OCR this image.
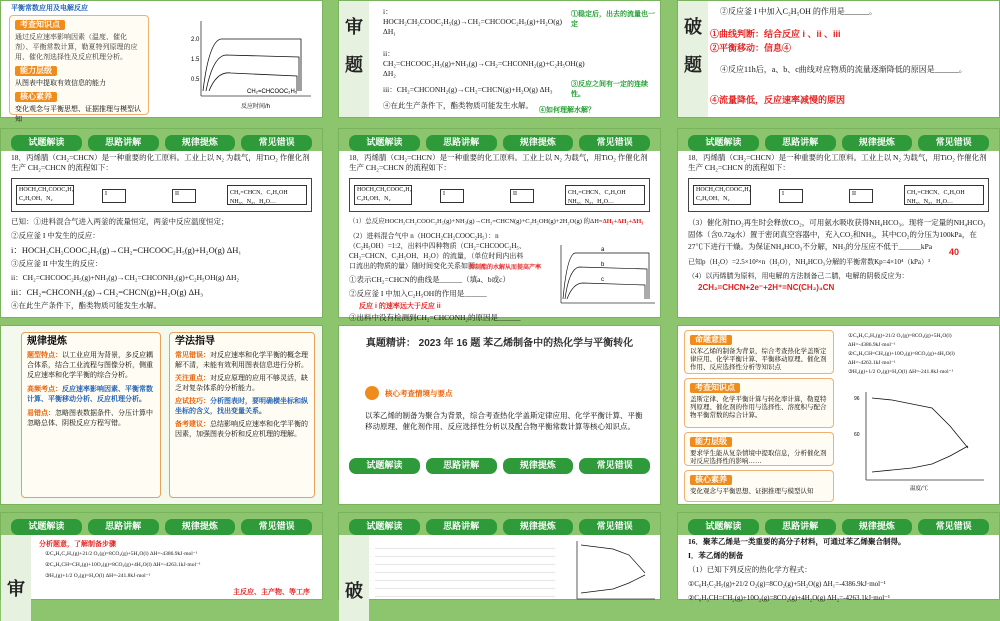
平衡常数应用及电解反应
考查知识点
通过反应速率影响因素（温度、催化剂）、平衡常数计算，勒夏特列原理的应用、催化剂选择性及反应机理分析。
能力层级
从图表中提取有效信息的能力
核心素养
变化观念与平衡思想、证据推理与模型认知
CH₂=CHCOOC₂H₅
2.0
1.5
0.5
反应时间/h
审
题
i：HOCH₂CH₂COOC₂H₅(g)→CH₂=CHCOOC₂H₅(g)+H₂O(g) ΔH₁
ii：CH₂=CHCOOC₂H₅(g)+NH₃(g)→CH₂=CHCONH₂(g)+C₂H₅OH(g) ΔH₂
iii：CH₂=CHCONH₂(g)→CH₂=CHCN(g)+H₂O(g) ΔH₃
④在此生产条件下，酯类物质可能发生水解。
①稳定后，出去的流量也一定
③反应之间有一定的连续性。
④如何理解水解？
破
题
②反应釜 I 中加入C₂H₅OH 的作用是______。
①曲线判断：结合反应 i 、ii 、iii
②平衡移动：信息④
④反应11h后，a、b、c曲线对应物质的流量逐渐降低的原因是______。
④流量降低，反应速率减慢的原因
试题解读	思路讲解	规律提炼	常见错误
18．丙烯腈（CH₂=CHCN）是一种重要的化工原料。工业上以 N₂ 为载气，用TiO₂ 作催化剂生产 CH₂=CHCN 的流程如下：
HOCH₂CH₂COOC₂H₅ C₂H₅OH、N₂
I	II	CH₂=CHCN、C₂H₅OH NH₃、N₂、H₂O…
已知：①进料混合气进入两釜的流量恒定，两釜中反应温度恒定；
②反应釜 I 中发生的反应：
i：HOCH₂CH₂COOC₂H₅(g)→CH₂=CHCOOC₂H₅(g)+H₂O(g) ΔH₁
③反应釜 II 中发生的反应：
ii：CH₂=CHCOOC₂H₅(g)+NH₃(g)→CH₂=CHCONH₂(g)+C₂H₅OH(g) ΔH₂
iii：CH₂=CHCONH₂(g)→CH₂=CHCN(g)+H₂O(g) ΔH₃
④在此生产条件下，酯类物质可能发生水解。
试题解读	思路讲解	规律提炼	常见错误
18．丙烯腈（CH₂=CHCN）是一种重要的化工原料。工业上以 N₂ 为载气，用TiO₂ 作催化剂生产 CH₂=CHCN 的流程如下：
HOCH₂CH₂COOC₂H₅ C₂H₅OH、N₂
I	II	CH₂=CHCN、C₂H₅OH NH₃、N₂、H₂O…
（1）总反应HOCH₂CH₂COOC₂H₅(g)+NH₃(g)→CH₂=CHCN(g)+C₂H₅OH(g)+2H₂O(g) 的ΔH=ΔH₁+ΔH₂+ΔH₃
（2）进料混合气中 n（HOCH₂CH₂COOC₂H₅）：n（C₂H₅OH）=1:2，出料中四种物质（CH₂=CHCOOC₂H₅、CH₂=CHCN、C₂H₅OH、H₂O）的流量，（单位时间内出料口流出的物质的量）随时间变化关系如图：
①表示CH₂=CHCN的曲线是______（填a、b或c）
②反应釜 I 中加入C₂H₅OH的作用是______
反应 i 的速率远大于反应 ii
③出料中没有检测到CH₂=CHCONH₂的原因是______
抑制酯的水解从而提高产率
a
b
c
试题解读	思路讲解	规律提炼	常见错误
18．丙烯腈（CH₂=CHCN）是一种重要的化工原料。工业上以 N₂ 为载气，用TiO₂ 作催化剂生产 CH₂=CHCN 的流程如下：
HOCH₂CH₂COOC₂H₅ C₂H₅OH、N₂
I	II	CH₂=CHCN、C₂H₅OH NH₃、N₂、H₂O…
（3）催化剂TiO₂再生时会释放CO₂，可用氨水吸收获得NH₄HCO₃。现将一定量的NH₄HCO₃固体（含0.72g水）置于密闭真空容器中，充入CO₂和NH₃，其中CO₂的分压为100kPa，在27℃下进行干燥。为保证NH₄HCO₃不分解，NH₃的分压应不低于______kPa
40
已知p（H₂O）=2.5×10²×n（H₂O），NH₄HCO₃分解的平衡常数Kp=4×10⁴（kPa）³
（4）以丙烯腈为原料，用电解的方法制备己二腈，电解的阴极反应为：
2CH₂=CHCN+2e⁻+2H⁺=NC(CH₂)₄CN
规律提炼
题型特点：以工业应用为背景，多反应耦合体系，结合工业流程与图像分析，侧重反应速率和化学平衡的综合分析。
高频考点：反应速率影响因素、平衡常数计算、平衡移动分析、反应机理分析。
易错点：忽略图表数据条件、分压计算中忽略总体、阴极反应方程写错。
学法指导
常见错误：对反应速率和化学平衡的概念理解不清，未能有效利用图表信息进行分析。
关注重点：对反应原理的应用不够灵活，缺乏对复杂体系的分析能力。
应试技巧：分析图表时，要明确横坐标和纵坐标的含义，找出变量关系。
备考建议：总结影响反应速率和化学平衡的因素，加强图表分析和反应机理的理解。
真题精讲： 2023 年 16 题 苯乙烯制备中的热化学与平衡转化
核心考查情境与要点
以苯乙烯的制备为聚合为背景，综合考查热化学盖斯定律应用、化学平衡计算、平衡移动原理、催化剂作用、反应选择性分析以及配合物平衡常数计算等核心知识点。
试题解读	思路讲解	规律提炼	常见错误
命题意图
以苯乙烯的制备为背景，综合考查热化学盖斯定律应用、化学平衡计算、平衡移动原理、催化剂作用、反应选择性分析等知识点
考查知识点
盖斯定律、化学平衡计算与转化率计算，勒夏特列原理、催化剂的作用与选择性、溶度积与配合物平衡常数的综合计算。
能力层级
要求学生能从复杂情境中提取信息，分析催化剂对反应选择性的影响……
核心素养
变化观念与平衡思想、证据推理与模型认知
①C₆H₅C₂H₅(g)+21/2 O₂(g)=8CO₂(g)+5H₂O(l) ΔH=-4386.9kJ·mol⁻¹
②C₆H₅CH=CH₂(g)+10O₂(g)=8CO₂(g)+4H₂O(l) ΔH=-4263.1kJ·mol⁻¹
③H₂(g)+1/2 O₂(g)=H₂O(l) ΔH=-241.8kJ·mol⁻¹
96
60
温度/℃
试题解读	思路讲解	规律提炼	常见错误
审
分析题意，了解制备步骤
①C₆H₅C₂H₅(g)+21/2 O₂(g)=8CO₂(g)+5H₂O(l) ΔH=-4386.9kJ·mol⁻¹
②C₆H₅CH=CH₂(g)+10O₂(g)=8CO₂(g)+4H₂O(l) ΔH=-4263.1kJ·mol⁻¹
③H₂(g)+1/2 O₂(g)=H₂O(l) ΔH=-241.8kJ·mol⁻¹
主反应、主产物、等工序
试题解读	思路讲解	规律提炼	常见错误
破
试题解读	思路讲解	规律提炼	常见错误
16．聚苯乙烯是一类重要的高分子材料，可通过苯乙烯聚合制得。
I．苯乙烯的制备
（1）已知下列反应的热化学方程式：
①C₆H₅C₂H₅(g)+21/2 O₂(g)=8CO₂(g)+5H₂O(g) ΔH₁=-4386.9kJ·mol⁻¹
②C₆H₅CH=CH₂(g)+10O₂(g)=8CO₂(g)+4H₂O(g) ΔH₂=-4263.1kJ·mol⁻¹
